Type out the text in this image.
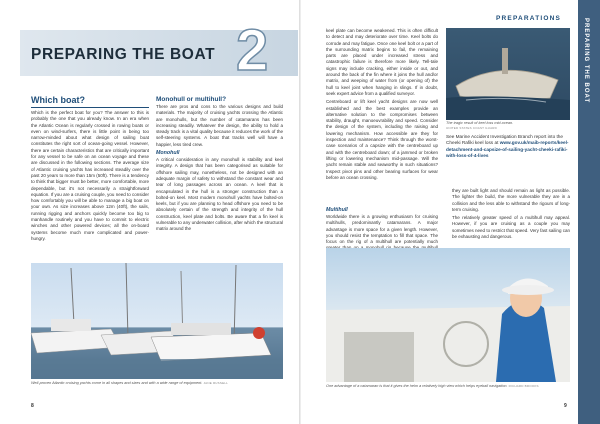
PREPARING THE BOAT 2
Which boat?

Which is the perfect boat for you? The answer to this is probably the one that you already know. In an era when the Atlantic Ocean is regularly crossed in rowing boats or even on wind-surfers, there is little point in being too narrow-minded about what design of sailing boat constitutes the right sort of ocean-going vessel. However, there are certain characteristics that are critically important for any vessel to be safe on an ocean voyage and these are discussed in the following sections. The average size of Atlantic cruising yachts has increased steadily over the past 20 years to more than 15m (50ft). There is a tendency to think that bigger must be better, more comfortable, more dependable, but it's not necessarily a straightforward equation. If you are a cruising couple, you need to consider how comfortably you will be able to manage a big boat on your own. As size increases above 12m (40ft), the sails, running rigging and anchors quickly become too big to manhandle routinely and you have to commit to electric winches and other powered devices; all the on-board systems become much more complicated and power-hungry.

Monohull or multihull?

There are pros and cons to the various designs and build materials. The majority of cruising yachts crossing the Atlantic are monohulls, but the number of catamarans has been increasing steadily. Whatever the design, the ability to hold a steady track is a vital quality because it reduces the work of the self-steering systems. A boat that tracks well will have a happier, less tired crew.

Monohull

A critical consideration in any monohull is stability and keel integrity. A design that has been categorised as suitable for offshore sailing may, nonetheless, not be designed with an adequate margin of safety to withstand the constant wear and tear of long passages across an ocean. A keel that is encapsulated in the hull is a stronger construction than a bolted-on keel. Most modern monohull yachts have bolted-on keels, but if you are planning to head offshore you need to be absolutely certain of the strength and integrity of the hull construction, keel plate and bolts. Be aware that a fin keel is vulnerable to any underwater collision, after which the structural matrix around the

Well-proven Atlantic cruising yachts come in all shapes and sizes and with a wide range of equipment. JANE RUSSELL
8
PREPARATIONS	PREPARING THE BOAT

keel plate can become weakened. This is often difficult to detect and may deteriorate over time. Keel bolts do corrode and may fatigue. Once one keel bolt or a part of the surrounding matrix begins to fail, the remaining parts are placed under increased stress and catastrophic failure is therefore more likely. Tell-tale signs may include cracking, either inside or out, and around the back of the fin where it joins the hull and/or matrix, and weeping of water from (or opening of) the hull to keel joint when hanging in slings. If in doubt, seek expert advice from a qualified surveyor.

Centreboard or lift keel yacht designs are now well established and the best examples provide an alternative solution to the compromises between stability, draught, manoeuvrability and speed. Consider the design of the system, including the raising and lowering mechanism. How accessible are they for inspection and maintenance? Think through the worst-case scenarios of a capsize with the centreboard up and with the centreboard down; of a jammed or broken lifting or lowering mechanism mid-passage. Will the yacht remain stable and seaworthy in such situations? Inspect pivot pins and other bearing surfaces for wear before an ocean crossing.

The tragic result of keel loss mid-ocean.
UNITED STATES COAST GUARD
See Marine Accident Investigation Branch report into the Cheeki Rafiki keel loss at www.gov.uk/maib-reports/keel-detachment-and-capsize-of-sailing-yacht-cheeki-rafiki-with-loss-of-4-lives
Multihull

Worldwide there is a growing enthusiasm for cruising multihulls, predominantly catamarans. A major advantage is more space for a given length. However, you should resist the temptation to fill that space. The focus on the rig of a multihull are potentially much

they are built light and should remain as light as possible. The lighter the build, the more vulnerable they are in a collision and the less able to withstand the rigours of long-term cruising.

The relatively greater speed of a multihull may appeal. However, if you are cruising as a couple you may sometimes need to restrict that speed. Very fast sailing can be exhausting and dangerous.

One advantage of a catamaran is that it gives the helm a relatively high view which helps eyeball navigation. RICHARD BROOKS
9
